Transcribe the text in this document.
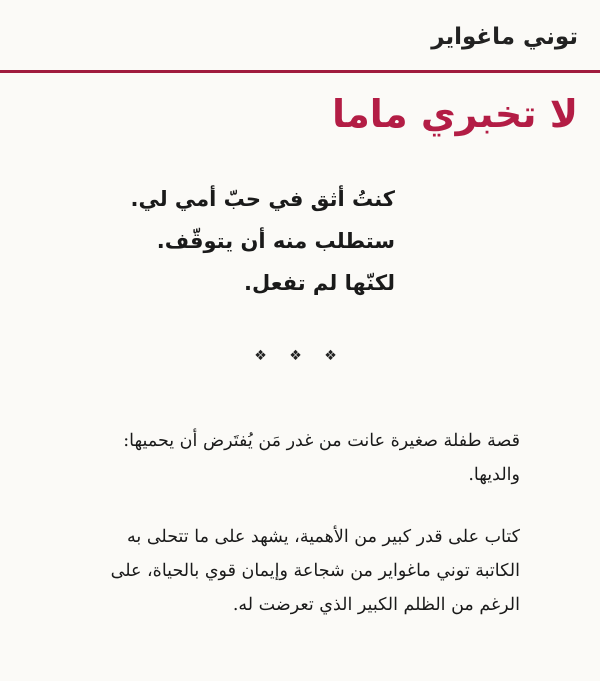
توني ماغواير
لا تخبري ماما
كنتُ أثق في حبّ أمي لي.
ستطلب منه أن يتوقّف.
لكنّها لم تفعل.
❖ ❖ ❖

قصة طفلة صغيرة عانت من غدر مَن يُفتَرض أن يحميها: والديها.

كتاب على قدر كبير من الأهمية، يشهد على ما تتحلى به الكاتبة توني ماغواير من شجاعة وإيمان قوي بالحياة، على الرغم من الظلم الكبير الذي تعرضت له.
